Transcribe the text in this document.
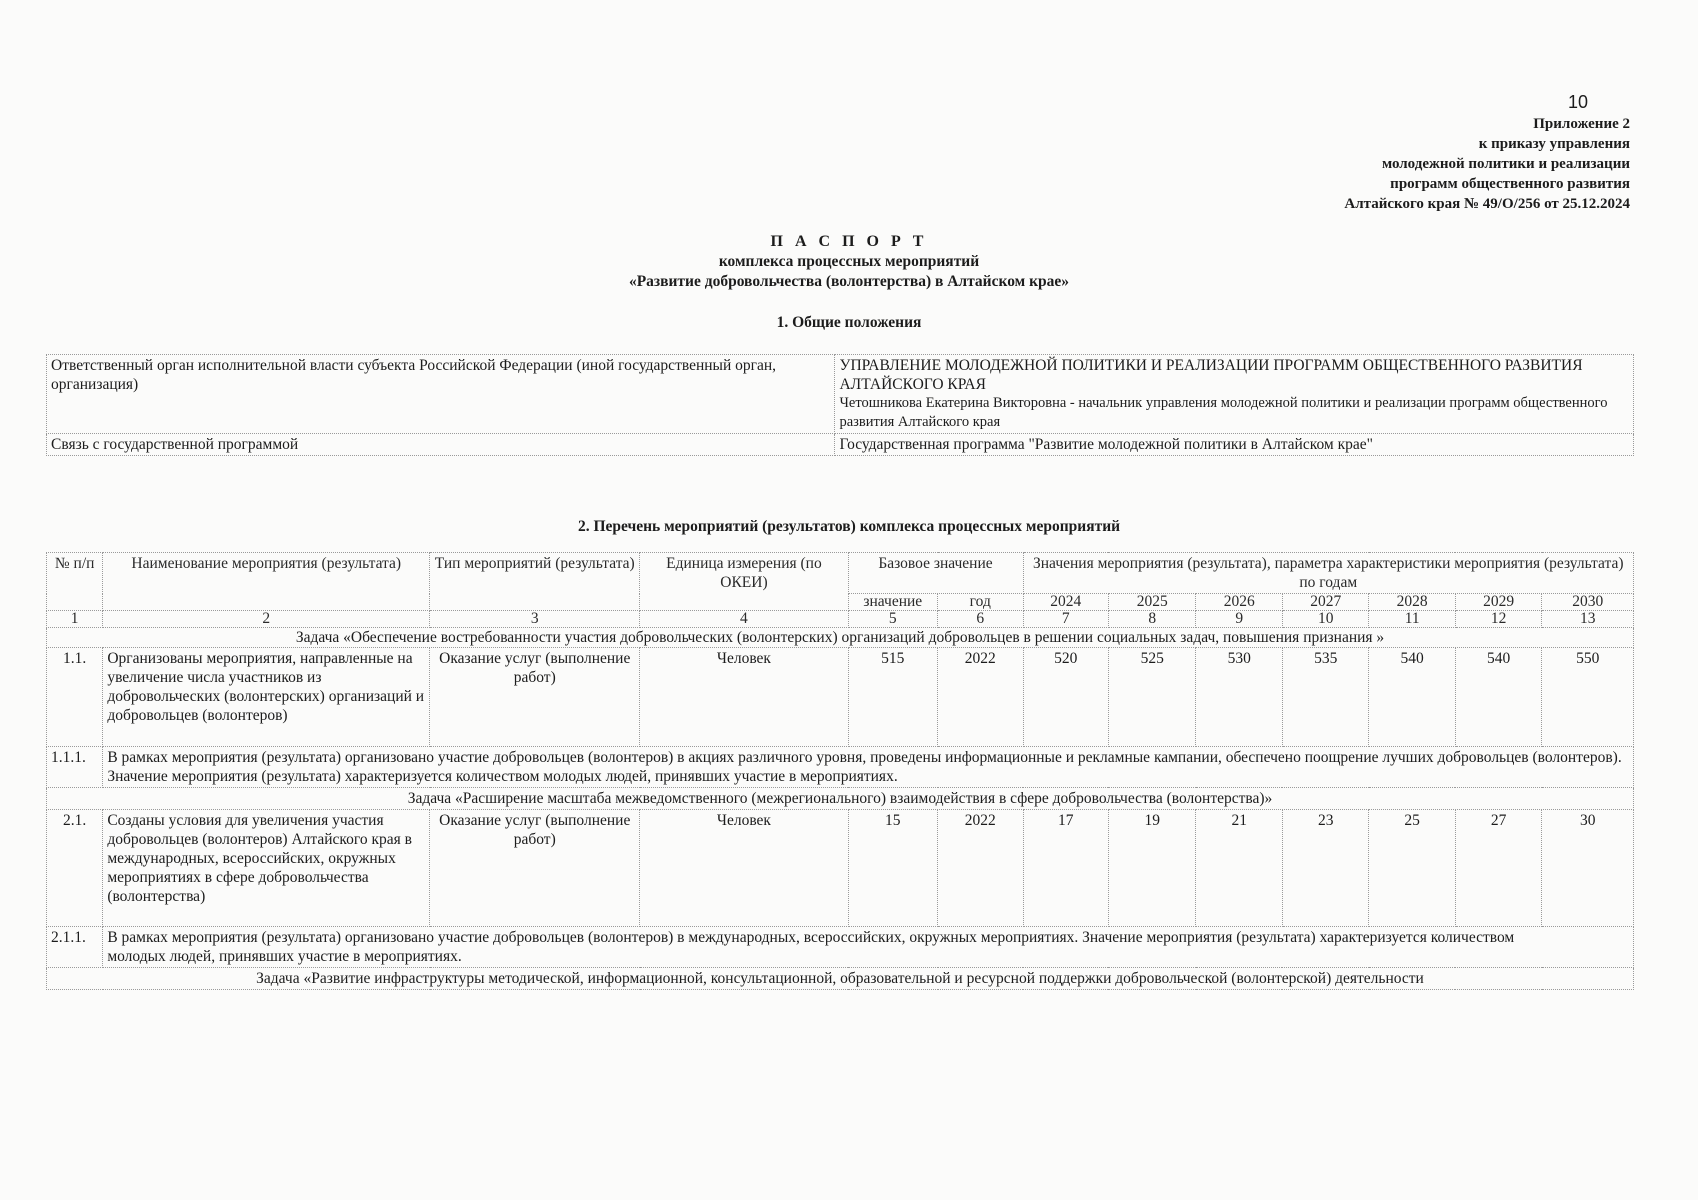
10
Приложение 2
к приказу управления
молодежной политики и реализации
программ общественного развития
Алтайского края № 49/О/256 от 25.12.2024
П А С П О Р Т
комплекса процессных мероприятий
«Развитие добровольчества (волонтерства) в Алтайском крае»
1. Общие положения
Ответственный орган исполнительной власти субъекта Российской Федерации (иной государственный орган, организация)	УПРАВЛЕНИЕ МОЛОДЕЖНОЙ ПОЛИТИКИ И РЕАЛИЗАЦИИ ПРОГРАММ ОБЩЕСТВЕННОГО РАЗВИТИЯ АЛТАЙСКОГО КРАЯ
Четошникова Екатерина Викторовна - начальник управления молодежной политики и реализации программ общественного развития Алтайского края

Связь с государственной программой	Государственная программа "Развитие молодежной политики в Алтайском крае"
2. Перечень мероприятий (результатов) комплекса процессных мероприятий
№ п/п	Наименование мероприятия (результата)	Тип мероприятий (результата)	Единица измерения (по ОКЕИ)	Базовое значение		Значения мероприятия (результата), параметра характеристики мероприятия (результата) по годам						
				значение	год	2024	2025	2026	2027	2028	2029	2030
1	2	3	4	5	6	7	8	9	10	11	12	13
Задача «Обеспечение востребованности участия добровольческих (волонтерских) организаций добровольцев в решении социальных задач, повышения признания »												
1.1.	Организованы мероприятия, направленные на увеличение числа участников из добровольческих (волонтерских) организаций и добровольцев (волонтеров)	Оказание услуг (выполнение работ)	Человек	515	2022	520	525	530	535	540	540	550
1.1.1.	В рамках мероприятия (результата) организовано участие добровольцев (волонтеров) в акциях различного уровня, проведены информационные и рекламные кампании, обеспечено поощрение лучших добровольцев (волонтеров). Значение мероприятия (результата) характеризуется количеством молодых людей, принявших участие в мероприятиях.											
Задача «Расширение масштаба межведомственного (межрегионального) взаимодействия в сфере добровольчества (волонтерства)»												
2.1.	Созданы условия для увеличения участия добровольцев (волонтеров) Алтайского края в международных, всероссийских, окружных мероприятиях в сфере добровольчества (волонтерства)	Оказание услуг (выполнение работ)	Человек	15	2022	17	19	21	23	25	27	30
2.1.1.	В рамках мероприятия (результата) организовано участие добровольцев (волонтеров) в международных, всероссийских, окружных мероприятиях. Значение мероприятия (результата) характеризуется количеством молодых людей, принявших участие в мероприятиях.											
Задача «Развитие инфраструктуры методической, информационной, консультационной, образовательной и ресурсной поддержки добровольческой (волонтерской) деятельности												
